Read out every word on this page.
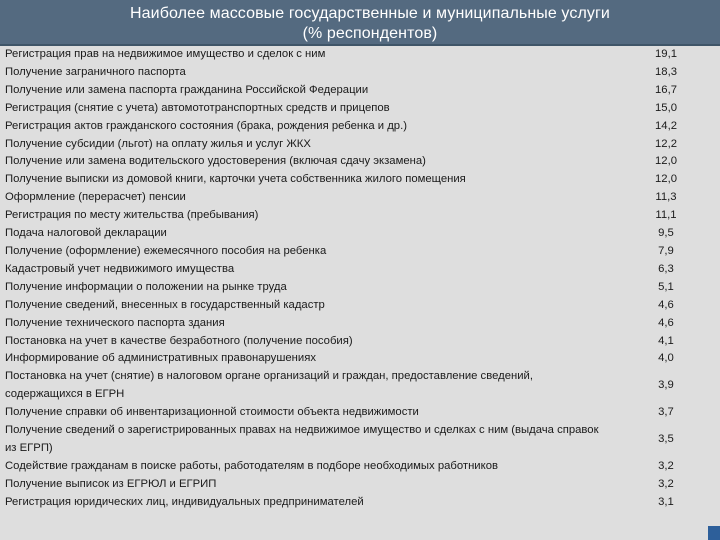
Наиболее массовые государственные и муниципальные услуги
(% респондентов)
Регистрация прав на недвижимое имущество и сделок с ним	19,1
Получение заграничного паспорта	18,3
Получение или замена паспорта гражданина Российской Федерации	16,7
Регистрация (снятие с учета) автомототранспортных средств и прицепов	15,0
Регистрация актов гражданского состояния (брака, рождения ребенка и др.)	14,2
Получение субсидии (льгот) на оплату жилья и услуг ЖКХ	12,2
Получение или замена водительского удостоверения (включая сдачу экзамена)	12,0
Получение выписки из домовой книги, карточки учета собственника жилого помещения	12,0
Оформление (перерасчет) пенсии	11,3
Регистрация по месту жительства (пребывания)	11,1
Подача налоговой декларации	9,5
Получение (оформление) ежемесячного пособия на ребенка	7,9
Кадастровый учет недвижимого имущества	6,3
Получение информации о положении на рынке труда	5,1
Получение сведений, внесенных в государственный кадастр	4,6
Получение технического паспорта здания	4,6
Постановка на учет в качестве безработного (получение пособия)	4,1
Информирование об административных правонарушениях	4,0
Постановка на учет (снятие) в налоговом органе организаций и граждан, предоставление сведений, содержащихся в ЕГРН	3,9
Получение справки об инвентаризационной стоимости объекта недвижимости	3,7
Получение сведений о зарегистрированных правах на недвижимое имущество и сделках с ним (выдача справок из ЕГРП)	3,5
Содействие гражданам в поиске работы, работодателям в подборе необходимых работников	3,2
Получение выписок из ЕГРЮЛ и ЕГРИП	3,2
Регистрация юридических лиц, индивидуальных предпринимателей	3,1
